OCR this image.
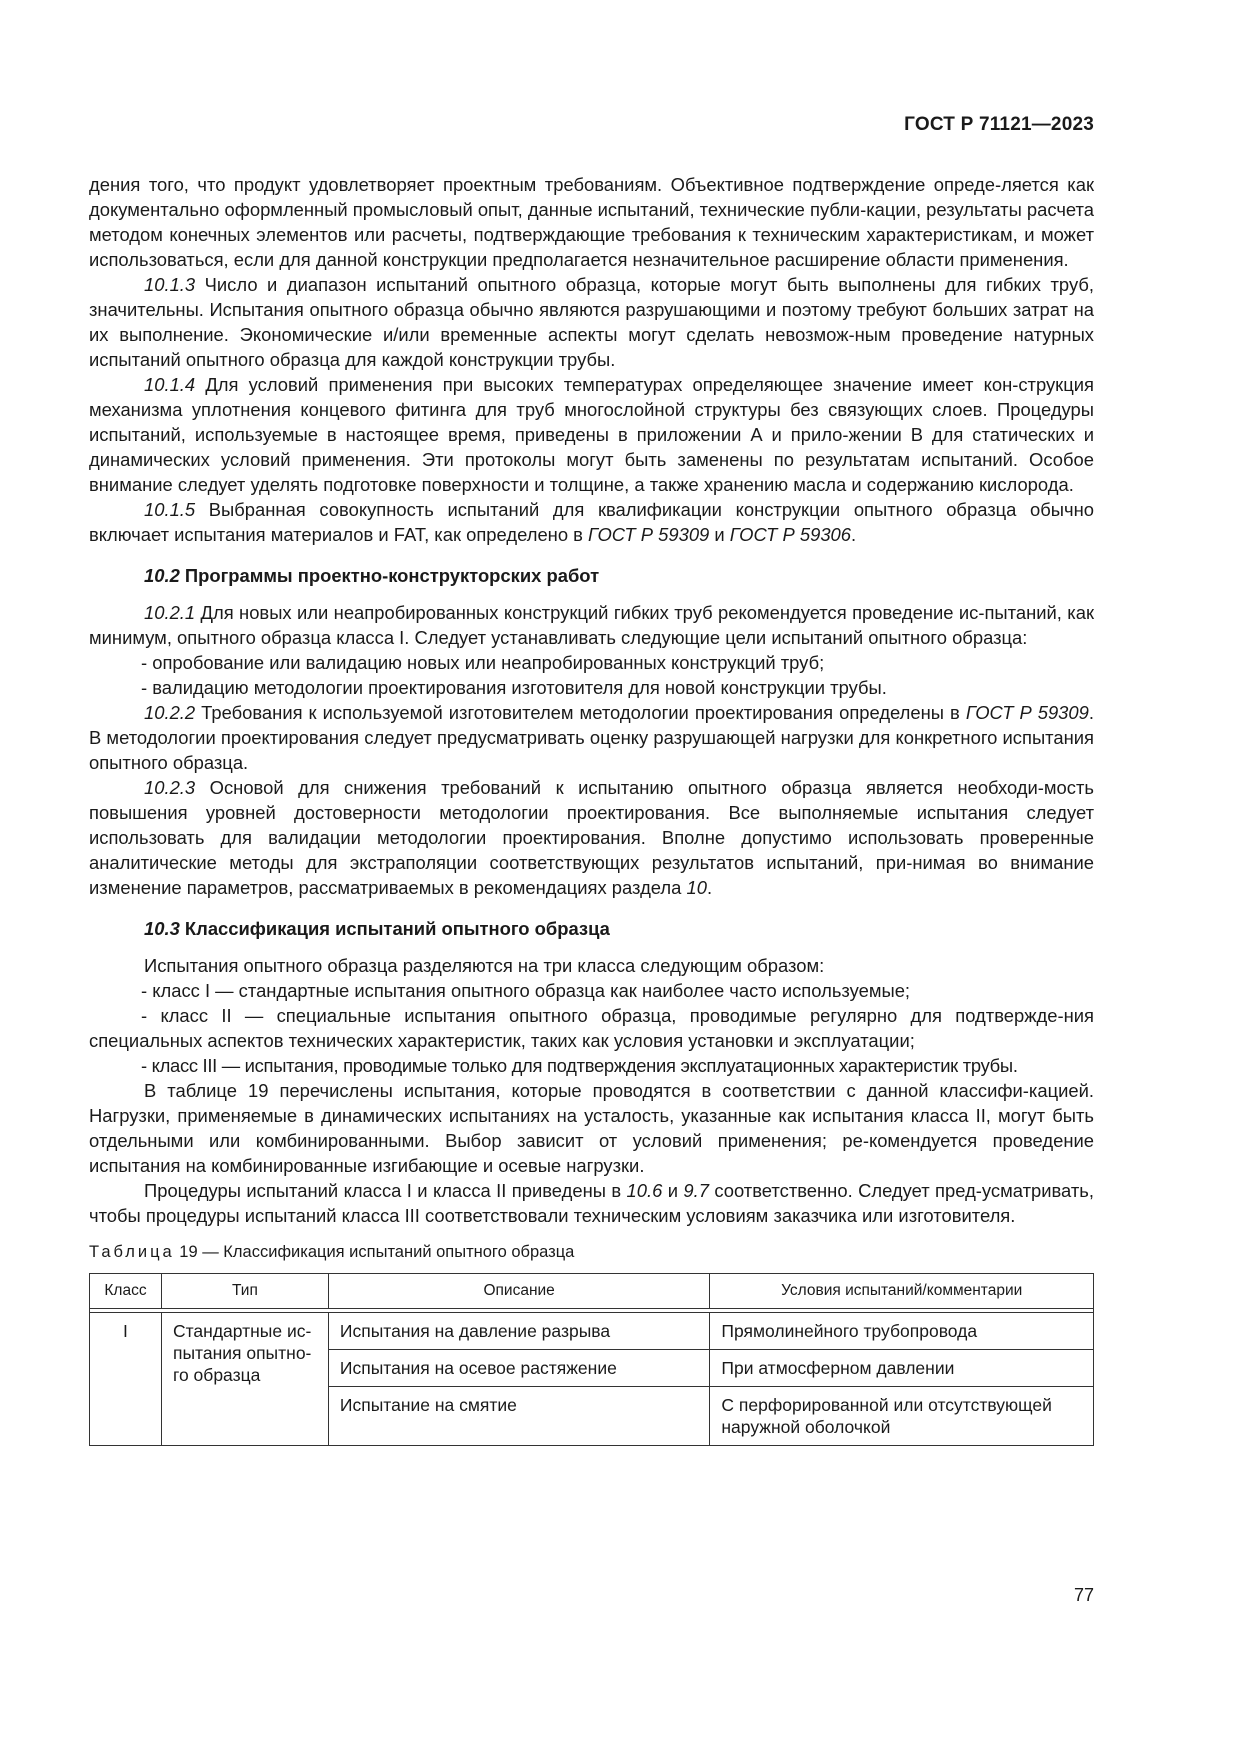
ГОСТ Р 71121—2023

дения того, что продукт удовлетворяет проектным требованиям. Объективное подтверждение опреде-ляется как документально оформленный промысловый опыт, данные испытаний, технические публи-кации, результаты расчета методом конечных элементов или расчеты, подтверждающие требования к техническим характеристикам, и может использоваться, если для данной конструкции предполагается незначительное расширение области применения.

10.1.3 Число и диапазон испытаний опытного образца, которые могут быть выполнены для гибких труб, значительны. Испытания опытного образца обычно являются разрушающими и поэтому требуют больших затрат на их выполнение. Экономические и/или временные аспекты могут сделать невозмож-ным проведение натурных испытаний опытного образца для каждой конструкции трубы.

10.1.4 Для условий применения при высоких температурах определяющее значение имеет кон-струкция механизма уплотнения концевого фитинга для труб многослойной структуры без связующих слоев. Процедуры испытаний, используемые в настоящее время, приведены в приложении А и прило-жении В для статических и динамических условий применения. Эти протоколы могут быть заменены по результатам испытаний. Особое внимание следует уделять подготовке поверхности и толщине, а также хранению масла и содержанию кислорода.

10.1.5 Выбранная совокупность испытаний для квалификации конструкции опытного образца обычно включает испытания материалов и FAT, как определено в ГОСТ Р 59309 и ГОСТ Р 59306.

10.2 Программы проектно-конструкторских работ

10.2.1 Для новых или неапробированных конструкций гибких труб рекомендуется проведение ис-пытаний, как минимум, опытного образца класса I. Следует устанавливать следующие цели испытаний опытного образца:

- опробование или валидацию новых или неапробированных конструкций труб;

- валидацию методологии проектирования изготовителя для новой конструкции трубы.

10.2.2 Требования к используемой изготовителем методологии проектирования определены в ГОСТ Р 59309. В методологии проектирования следует предусматривать оценку разрушающей нагрузки для конкретного испытания опытного образца.

10.2.3 Основой для снижения требований к испытанию опытного образца является необходи-мость повышения уровней достоверности методологии проектирования. Все выполняемые испытания следует использовать для валидации методологии проектирования. Вполне допустимо использовать проверенные аналитические методы для экстраполяции соответствующих результатов испытаний, при-нимая во внимание изменение параметров, рассматриваемых в рекомендациях раздела 10.

10.3 Классификация испытаний опытного образца

Испытания опытного образца разделяются на три класса следующим образом:

- класс I — стандартные испытания опытного образца как наиболее часто используемые;

- класс II — специальные испытания опытного образца, проводимые регулярно для подтвержде-ния специальных аспектов технических характеристик, таких как условия установки и эксплуатации;

- класс III — испытания, проводимые только для подтверждения эксплуатационных характеристик трубы.

В таблице 19 перечислены испытания, которые проводятся в соответствии с данной классифи-кацией. Нагрузки, применяемые в динамических испытаниях на усталость, указанные как испытания класса II, могут быть отдельными или комбинированными. Выбор зависит от условий применения; ре-комендуется проведение испытания на комбинированные изгибающие и осевые нагрузки.

Процедуры испытаний класса I и класса II приведены в 10.6 и 9.7 соответственно. Следует пред-усматривать, чтобы процедуры испытаний класса III соответствовали техническим условиям заказчика или изготовителя.

Таблица 19 — Классификация испытаний опытного образца
Класс	Тип	Описание	Условия испытаний/комментарии

I	Стандартные ис-пытания опытно-го образца	Испытания на давление разрыва	Прямолинейного трубопровода
		Испытания на осевое растяжение	При атмосферном давлении
		Испытание на смятие	С перфорированной или отсутствующей наружной оболочкой
77
